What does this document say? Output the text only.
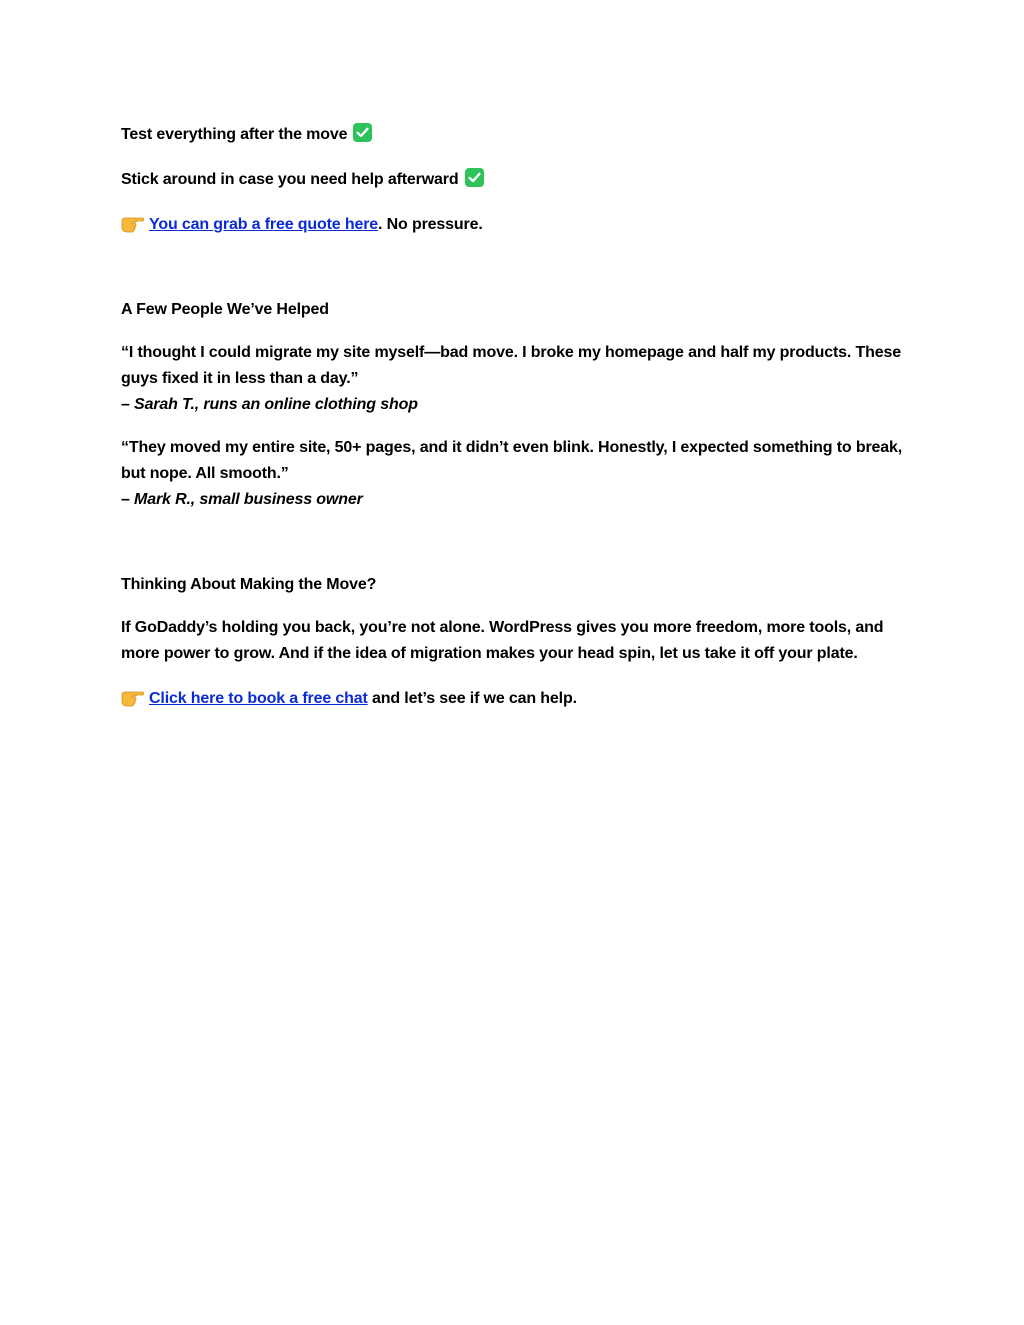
Test everything after the move

Stick around in case you need help afterward

You can grab a free quote here. No pressure.

A Few People We’ve Helped

“I thought I could migrate my site myself—bad move. I broke my homepage and half my products. These guys fixed it in less than a day.”

– Sarah T., runs an online clothing shop

“They moved my entire site, 50+ pages, and it didn’t even blink. Honestly, I expected something to break, but nope. All smooth.”

– Mark R., small business owner

Thinking About Making the Move?

If GoDaddy’s holding you back, you’re not alone. WordPress gives you more freedom, more tools, and more power to grow. And if the idea of migration makes your head spin, let us take it off your plate.

Click here to book a free chat and let’s see if we can help.
